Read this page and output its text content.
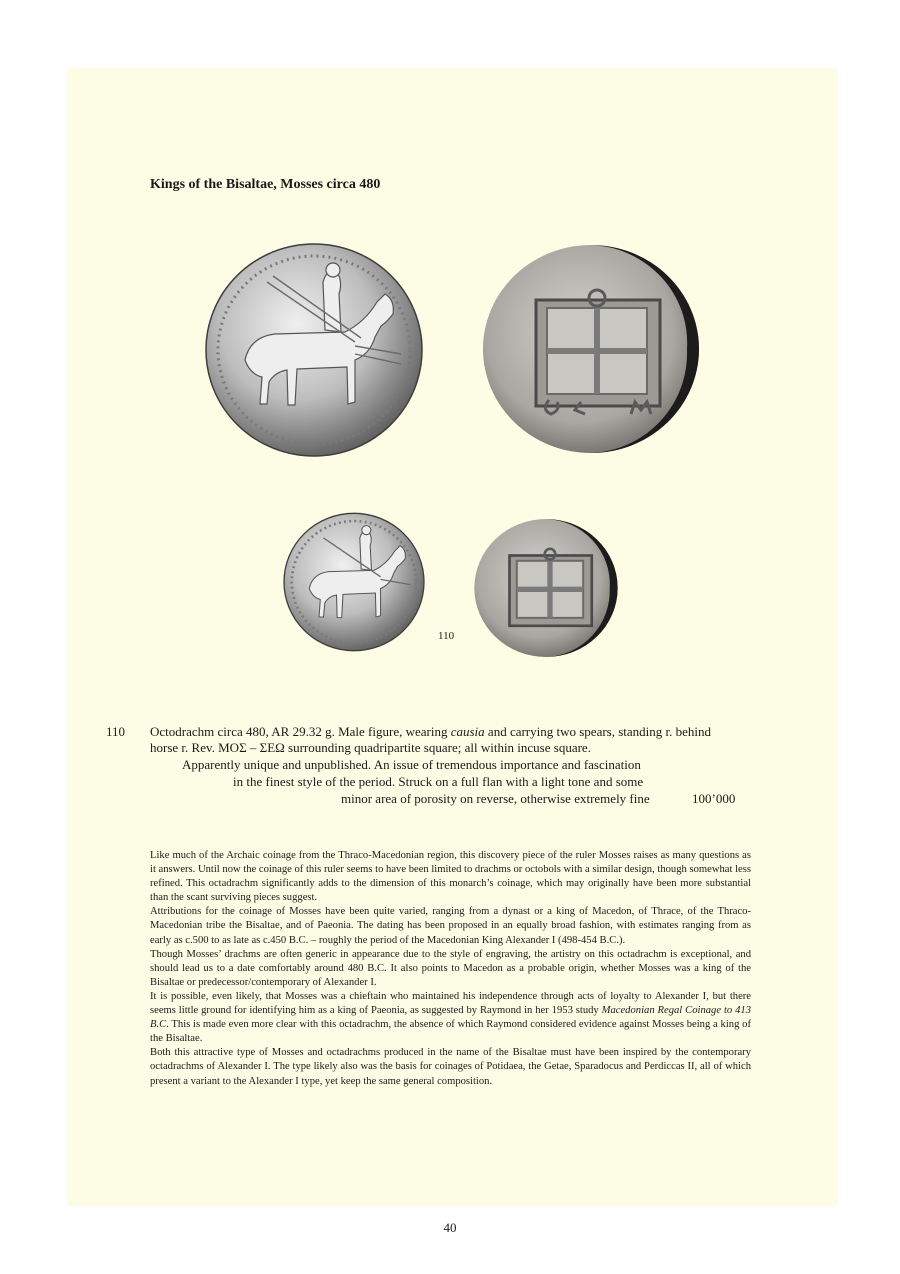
Kings of the Bisaltae, Mosses circa 480
110
110 Octodrachm circa 480, AR 29.32 g. Male figure, wearing causia and carrying two spears, standing r. behind
horse r. Rev. ΜΟΣ – ΣΕΩ surrounding quadripartite square; all within incuse square.
Apparently unique and unpublished. An issue of tremendous importance and fascination
in the finest style of the period. Struck on a full flan with a light tone and some
minor area of porosity on reverse, otherwise extremely fine	100’000

Like much of the Archaic coinage from the Thraco-Macedonian region, this discovery piece of the ruler Mosses raises as many questions as it answers. Until now the coinage of this ruler seems to have been limited to drachms or octobols with a similar design, though somewhat less refined. This octadrachm significantly adds to the dimension of this monarch’s coinage, which may originally have been more substantial than the scant surviving pieces suggest.

Attributions for the coinage of Mosses have been quite varied, ranging from a dynast or a king of Macedon, of Thrace, of the Thraco-Macedonian tribe the Bisaltae, and of Paeonia. The dating has been proposed in an equally broad fashion, with estimates ranging from as early as c.500 to as late as c.450 B.C. – roughly the period of the Macedonian King Alexander I (498-454 B.C.).

Though Mosses’ drachms are often generic in appearance due to the style of engraving, the artistry on this octadrachm is exceptional, and should lead us to a date comfortably around 480 B.C. It also points to Macedon as a probable origin, whether Mosses was a king of the Bisaltae or predecessor/contemporary of Alexander I.

It is possible, even likely, that Mosses was a chieftain who maintained his independence through acts of loyalty to Alexander I, but there seems little ground for identifying him as a king of Paeonia, as suggested by Raymond in her 1953 study Macedonian Regal Coinage to 413 B.C. This is made even more clear with this octadrachm, the absence of which Raymond considered evidence against Mosses being a king of the Bisaltae.

Both this attractive type of Mosses and octadrachms produced in the name of the Bisaltae must have been inspired by the contemporary octadrachms of Alexander I. The type likely also was the basis for coinages of Potidaea, the Getae, Sparadocus and Perdiccas II, all of which present a variant to the Alexander I type, yet keep the same general composition.

40
